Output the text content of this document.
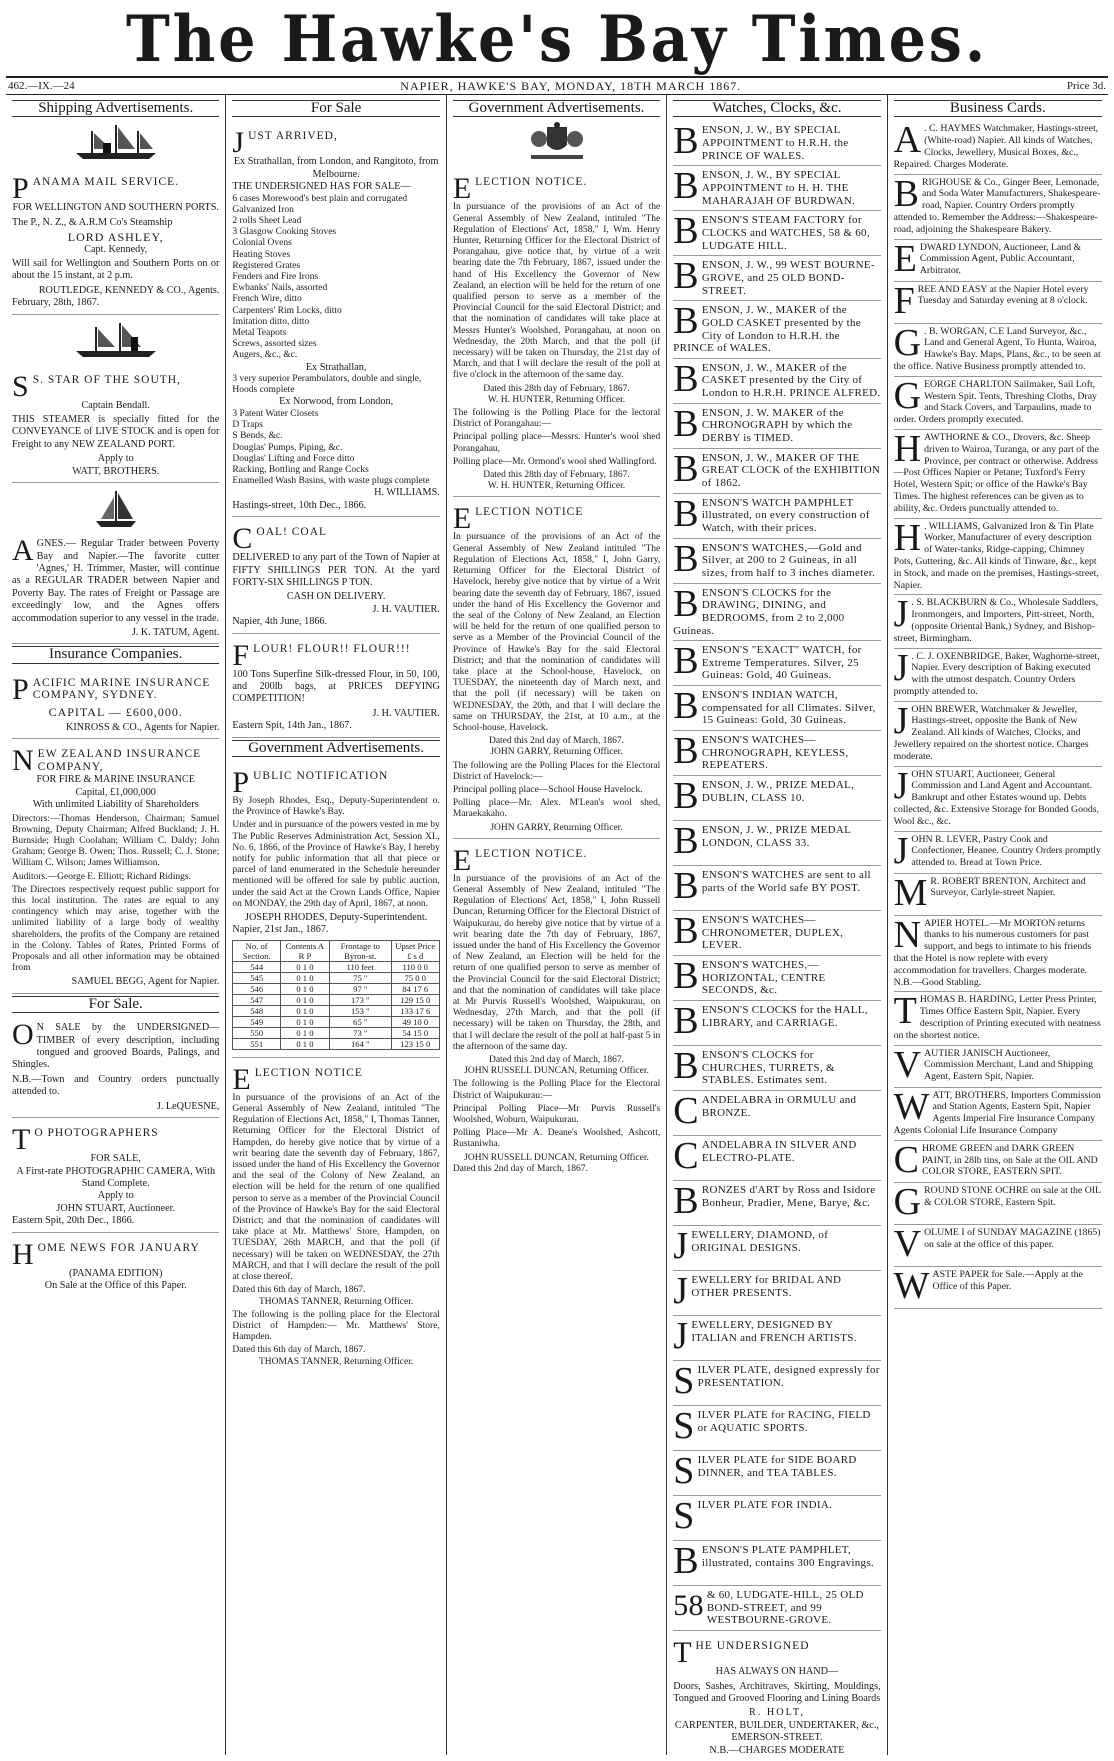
The Hawke's Bay Times.
462.—IX.—24	NAPIER, HAWKE'S BAY, MONDAY, 18TH MARCH 1867.	Price 3d.
Shipping Advertisements.
PANAMA MAIL SERVICE.
FOR WELLINGTON AND SOUTHERN PORTS.

The P., N. Z., & A.R.M Co's Steamship

LORD ASHLEY,
Capt. Kennedy,

Will sail for Wellington and Southern Ports on or about the 15 instant, at 2 p.m.

ROUTLEDGE, KENNEDY & CO., Agents.
February, 28th, 1867.
S S. STAR OF THE SOUTH,
Captain Bendall.

THIS STEAMER is specially fitted for the CONVEYANCE of LIVE STOCK and is open for Freight to any NEW ZEALAND PORT.

Apply to
WATT, BROTHERS.

AGNES.— Regular Trader between Poverty Bay and Napier.—The favorite cutter 'Agnes,' H. Trimmer, Master, will continue as a REGULAR TRADER between Napier and Poverty Bay. The rates of Freight or Passage are exceedingly low, and the Agnes offers accommodation superior to any vessel in the trade.

J. K. TATUM, Agent.
Insurance Companies.
PACIFIC MARINE INSURANCE COMPANY, SYDNEY.
CAPITAL — £600,000.
KINROSS & CO., Agents for Napier.
NEW ZEALAND INSURANCE COMPANY,
FOR FIRE & MARINE INSURANCE
Capital, £1,000,000
With unlimited Liability of Shareholders

Directors:—Thomas Henderson, Chairman; Samuel Browning, Deputy Chairman; Alfred Buckland; J. H. Burnside; Hugh Coolahan; William C. Daldy; John Graham; George B. Owen; Thos. Russell; C. J. Stone; William C. Wilson; James Williamson.

Auditors.—George E. Elliott; Richard Ridings.

The Directors respectively request public support for this local institution. The rates are equal to any contingency which may arise, together with the unlimited liability of a large body of wealthy shareholders, the profits of the Company are retained in the Colony. Tables of Rates, Printed Forms of Proposals and all other information may be obtained from

SAMUEL BEGG, Agent for Napier.
For Sale.

O N SALE by the UNDERSIGNED— TIMBER of every description, including tongued and grooved Boards, Palings, and Shingles.

N.B.—Town and Country orders punctually attended to.

J. LeQUESNE,
T O PHOTOGRAPHERS
FOR SALE,
A First-rate PHOTOGRAPHIC CAMERA, With Stand Complete.
Apply to
JOHN STUART, Auctioneer.
Eastern Spit, 20th Dec., 1866.
HOME NEWS FOR JANUARY
(PANAMA EDITION)
On Sale at the Office of this Paper.
For Sale
JUST ARRIVED,
Ex Strathallan, from London, and Rangitoto, from Melbourne.
THE UNDERSIGNED HAS FOR SALE—
6 cases Morewood's best plain and corrugated Galvanized Iron
2 rolls Sheet Lead
3 Glasgow Cooking Stoves
Colonial Ovens
Heating Stoves
Registered Grates
Fenders and Fire Irons
Ewbanks' Nails, assorted
French Wire, ditto
Carpenters' Rim Locks, ditto
Imitation ditto, ditto
Metal Teapots
Screws, assorted sizes
Augers, &c., &c.
Ex Strathallan,
3 very superior Perambulators, double and single, Hoods complete
Ex Norwood, from London,
3 Patent Water Closets
D Traps
S Bends, &c.
Douglas' Pumps, Piping, &c.
Douglas' Lifting and Force ditto
Racking, Bottling and Range Cocks
Enamelled Wash Basins, with waste plugs complete
H. WILLIAMS.
Hastings-street, 10th Dec., 1866.
COAL! COAL

DELIVERED to any part of the Town of Napier at FIFTY SHILLINGS PER TON. At the yard FORTY-SIX SHILLINGS P TON.

CASH ON DELIVERY.
J. H. VAUTIER.
Napier, 4th June, 1866.
FLOUR! FLOUR!! FLOUR!!!

100 Tons Superfine Silk-dressed Flour, in 50, 100, and 200lb bags, at PRICES DEFYING COMPETITION!

J. H. VAUTIER.
Eastern Spit, 14th Jan., 1867.
Government Advertisements.
PUBLIC NOTIFICATION

By Joseph Rhodes, Esq., Deputy-Superintendent o. the Province of Hawke's Bay.

Under and in pursuance of the powers vested in me by The Public Reserves Administration Act, Session XI., No. 6, 1866, of the Province of Hawke's Bay, I hereby notify for public information that all that piece or parcel of land enumerated in the Schedule hereunder mentioned will be offered for sale by public auction, under the said Act at the Crown Lands Office, Napier on MONDAY, the 29th day of April, 1867, at noon.

JOSEPH RHODES, Deputy-Superintendent.
Napier, 21st Jan., 1867.
No. of Section.	Contents A R P	Frontage to Byron-st.	Upset Price £ s d
544	0 1 0	110 feet	110 0 0
545	0 1 0	75 "	75 0 0
546	0 1 0	97 "	84 17 6
547	0 1 0	173 "	129 15 0
548	0 1 0	153 "	133 17 6
549	0 1 0	65 "	49 10 0
550	0 1 0	73 "	54 15 0
551	0 1 0	164 "	123 15 0
ELECTION NOTICE

In pursuance of the provisions of an Act of the General Assembly of New Zealand, intituled "The Regulation of Elections Act, 1858," I, Thomas Tanner, Returning Officer for the Electoral District of Hampden, do hereby give notice that by virtue of a writ bearing date the seventh day of February, 1867, issued under the hand of His Excellency the Governor and the seal of the Colony of New Zealand, an election will be held for the return of one qualified person to serve as a member of the Provincial Council of the Province of Hawke's Bay for the said Electoral District; and that the nomination of candidates will take place at Mr. Matthews' Store, Hampden, on TUESDAY, 26th MARCH, and that the poll (if necessary) will be taken on WEDNESDAY, the 27th MARCH, and that I will declare the result of the poll at close thereof.

Dated this 6th day of March, 1867.
THOMAS TANNER, Returning Officer.

The following is the polling place for the Electoral District of Hampden:— Mr. Matthews' Store, Hampden.

Dated this 6th day of March, 1867.
THOMAS TANNER, Returning Officer.
Government Advertisements.
ELECTION NOTICE.

In pursuance of the provisions of an Act of the General Assembly of New Zealand, intituled "The Regulation of Elections' Act, 1858," I, Wm. Henry Hunter, Returning Officer for the Electoral District of Porangahau, give notice that, by virtue of a writ bearing date the 7th February, 1867, issued under the hand of His Excellency the Governor of New Zealand, an election will be held for the return of one qualified person to serve as a member of the Provincial Council for the said Electoral District; and that the nomination of candidates will take place at Messrs Hunter's Woolshed, Porangahau, at noon on Wednesday, the 20th March, and that the poll (if necessary) will be taken on Thursday, the 21st day of March, and that I will declare the result of the poll at five o'clock in the afternoon of the same day.

Dated this 28th day of February, 1867.
W. H. HUNTER, Returning Officer.

The following is the Polling Place for the lectoral District of Porangahau:—

Principal polling place—Messrs. Hunter's wool shed Porangahau,

Polling place—Mr. Ormond's wool shed Wallingford.

Dated this 28th day of February, 1867.
W. H. HUNTER, Returning Officer.
ELECTION NOTICE

In pursuance of the provisions of an Act of the General Assembly of New Zealand intituled "The Regulation of Elections Act, 1858," I, John Garry, Returning Officer for the Electoral District of Havelock, hereby give notice that by virtue of a Writ bearing date the seventh day of February, 1867, issued under the hand of His Excellency the Governor and the seal of the Colony of New Zealand, an Election will be held for the return of one qualified person to serve as a Member of the Provincial Council of the Province of Hawke's Bay for the said Electoral District; and that the nomination of candidates will take place at the School-house, Havelock, on TUESDAY, the nineteenth day of March next, and that the poll (if necessary) will be taken on WEDNESDAY, the 20th, and that I will declare the same on THURSDAY, the 21st, at 10 a.m., at the School-house, Havelock.

Dated this 2nd day of March, 1867.
JOHN GARRY, Returning Officer.

The following are the Polling Places for the Electoral District of Havelock:—

Principal polling place—School House Havelock.

Polling place—Mr. Alex. M'Lean's wool shed, Maraekakaho.

JOHN GARRY, Returning Officer.
ELECTION NOTICE.

In pursuance of the provisions of an Act of the General Assembly of New Zealand, intituled "The Regulation of Elections' Act, 1858," I, John Russell Duncan, Returning Officer for the Electoral District of Waipukurau, do hereby give notice that by virtue of a writ bearing date the 7th day of February, 1867, issued under the hand of His Excellency the Governor of New Zealand, an Election will be held for the return of one qualified person to serve as member of the Provincial Council for the said Electoral District; and that the nomination of candidates will take place at Mr Purvis Russell's Woolshed, Waipukurau, on Wednesday, 27th March, and that the poll (if necessary) will be taken on Thursday, the 28th, and that I will declare the result of the poll at half-past 5 in the afternoon of the same day.

Dated this 2nd day of March, 1867.
JOHN RUSSELL DUNCAN, Returning Officer.

The following is the Polling Place for the Electoral District of Waipukurau:—

Principal Polling Place—Mr Purvis Russell's Woolshed, Woburn, Waipukurau.

Polling Place—Mr A. Deane's Woolshed, Ashcott, Rustaniwha.

JOHN RUSSELL DUNCAN, Returning Officer.
Dated this 2nd day of March, 1867.
Watches, Clocks, &c.
BENSON, J. W., BY SPECIAL APPOINTMENT to H.R.H. the PRINCE OF WALES.
BENSON, J. W., BY SPECIAL APPOINTMENT to H. H. THE MAHARAJAH OF BURDWAN.
BENSON'S STEAM FACTORY for CLOCKS and WATCHES, 58 & 60, LUDGATE HILL.
BENSON, J. W., 99 WEST BOURNE-GROVE, and 25 OLD BOND-STREET.
BENSON, J. W., MAKER of the GOLD CASKET presented by the City of London to H.R.H. the PRINCE of WALES.
BENSON, J. W., MAKER of the CASKET presented by the City of London to H.R.H. PRINCE ALFRED.
BENSON, J. W. MAKER of the CHRONOGRAPH by which the DERBY is TIMED.
BENSON, J. W., MAKER OF THE GREAT CLOCK of the EXHIBITION of 1862.
BENSON'S WATCH PAMPHLET illustrated, on every construction of Watch, with their prices.
BENSON'S WATCHES,—Gold and Silver, at 200 to 2 Guineas, in all sizes, from half to 3 inches diameter.
BENSON'S CLOCKS for the DRAWING, DINING, and BEDROOMS, from 2 to 2,000 Guineas.
BENSON'S "EXACT" WATCH, for Extreme Temperatures. Silver, 25 Guineas: Gold, 40 Guineas.
BENSON'S INDIAN WATCH, compensated for all Climates. Silver, 15 Guineas: Gold, 30 Guineas.
BENSON'S WATCHES—CHRONOGRAPH, KEYLESS, REPEATERS.
BENSON, J. W., PRIZE MEDAL, DUBLIN, CLASS 10.
BENSON, J. W., PRIZE MEDAL LONDON, CLASS 33.
BENSON'S WATCHES are sent to all parts of the World safe BY POST.
BENSON'S WATCHES—CHRONOMETER, DUPLEX, LEVER.
BENSON'S WATCHES,—HORIZONTAL, CENTRE SECONDS, &c.
BENSON'S CLOCKS for the HALL, LIBRARY, and CARRIAGE.
BENSON'S CLOCKS for CHURCHES, TURRETS, & STABLES. Estimates sent.
CANDELABRA in ORMULU and BRONZE.
CANDELABRA IN SILVER AND ELECTRO-PLATE.
BRONZES d'ART by Ross and Isidore Bonheur, Pradier, Mene, Barye, &c.
JEWELLERY, DIAMOND, of ORIGINAL DESIGNS.
JEWELLERY for BRIDAL AND OTHER PRESENTS.
JEWELLERY, DESIGNED BY ITALIAN and FRENCH ARTISTS.
SILVER PLATE, designed expressly for PRESENTATION.
SILVER PLATE for RACING, FIELD or AQUATIC SPORTS.
SILVER PLATE for SIDE BOARD DINNER, and TEA TABLES.
SILVER PLATE FOR INDIA.
BENSON'S PLATE PAMPHLET, illustrated, contains 300 Engravings.
58 & 60, LUDGATE-HILL, 25 OLD BOND-STREET, and 99 WESTBOURNE-GROVE.
THE UNDERSIGNED
HAS ALWAYS ON HAND—

Doors, Sashes, Architraves, Skirting, Mouldings, Tongued and Grooved Flooring and Lining Boards

R. HOLT,
CARPENTER, BUILDER, UNDERTAKER, &c.,
EMERSON-STREET.
N.B.—CHARGES MODERATE
Business Cards.
A . C. HAYMES Watchmaker, Hastings-street, (White-road) Napier. All kinds of Watches, Clocks, Jewellery, Musical Boxes, &c., Repaired. Charges Moderate.
BRIGHOUSE & Co., Ginger Beer, Lemonade, and Soda Water Manufacturers, Shakespeare-road, Napier. Country Orders promptly attended to. Remember the Address:—Shakespeare-road, adjoining the Shakespeare Bakery.
EDWARD LYNDON, Auctioneer, Land & Commission Agent, Public Accountant, Arbitrator.
FREE AND EASY at the Napier Hotel every Tuesday and Saturday evening at 8 o'clock.
G . B. WORGAN, C.E Land Surveyor, &c., Land and General Agent, To Hunta, Wairoa, Hawke's Bay. Maps, Plans, &c., to be seen at the office. Native Business promptly attended to.
GEORGE CHARLTON Sailmaker, Sail Loft, Western Spit. Tents, Threshing Cloths, Dray and Stack Covers, and Tarpaulins, made to order. Orders promptly executed.
HAWTHORNE & CO., Drovers, &c. Sheep driven to Wairoa, Turanga, or any part of the Province, per contract or otherwise. Address —Post Offices Napier or Petane; Tuxford's Ferry Hotel, Western Spit; or office of the Hawke's Bay Times. The highest references can be given as to ability, &c. Orders punctually attended to.
H . WILLIAMS, Galvanized Iron & Tin Plate Worker, Manufacturer of every description of Water-tanks, Ridge-capping, Chimney Pots, Guttering, &c. All kinds of Tinware, &c., kept in Stock, and made on the premises, Hastings-street, Napier.
J . S. BLACKBURN & Co., Wholesale Saddlers, Ironmongers, and Importers, Pitt-street, North, (opposite Oriental Bank,) Sydney, and Bishop-street, Birmingham.
J . C. J. OXENBRIDGE, Baker, Waghorne-street, Napier. Every description of Baking executed with the utmost despatch. Country Orders promptly attended to.
JOHN BREWER, Watchmaker & Jeweller, Hastings-street, opposite the Bank of New Zealand. All kinds of Watches, Clocks, and Jewellery repaired on the shortest notice. Charges moderate.
JOHN STUART, Auctioneer, General Commission and Land Agent and Accountant. Bankrupt and other Estates wound up. Debts collected, &c. Extensive Storage for Bonded Goods, Wool &c., &c.
JOHN R. LEVER, Pastry Cook and Confectioner, Heanee. Country Orders promptly attended to. Bread at Town Price.
M R. ROBERT BRENTON, Architect and Surveyor, Carlyle-street Napier.
NAPIER HOTEL.—Mr MORTON returns thanks to his numerous customers for past support, and begs to intimate to his friends that the Hotel is now replete with every accommodation for travellers. Charges moderate. N.B.—Good Stabling.
THOMAS B. HARDING, Letter Press Printer, Times Office Eastern Spit, Napier. Every description of Printing executed with neatness on the shortest notice.
VAUTIER JANISCH Auctioneer, Commission Merchant, Land and Shipping Agent, Eastern Spit, Napier.
WATT, BROTHERS, Importers Commission and Station Agents, Eastern Spit, Napier Agents Imperial Fire Insurance Company Agents Colonial Life Insurance Company
CHROME GREEN and DARK GREEN PAINT, in 28lb tins, on Sale at the OIL AND COLOR STORE, EASTERN SPIT.
GROUND STONE OCHRE on sale at the OIL & COLOR STORE, Eastern Spit.
VOLUME I of SUNDAY MAGAZINE (1865) on sale at the office of this paper.
WASTE PAPER for Sale.—Apply at the Office of this Paper.
